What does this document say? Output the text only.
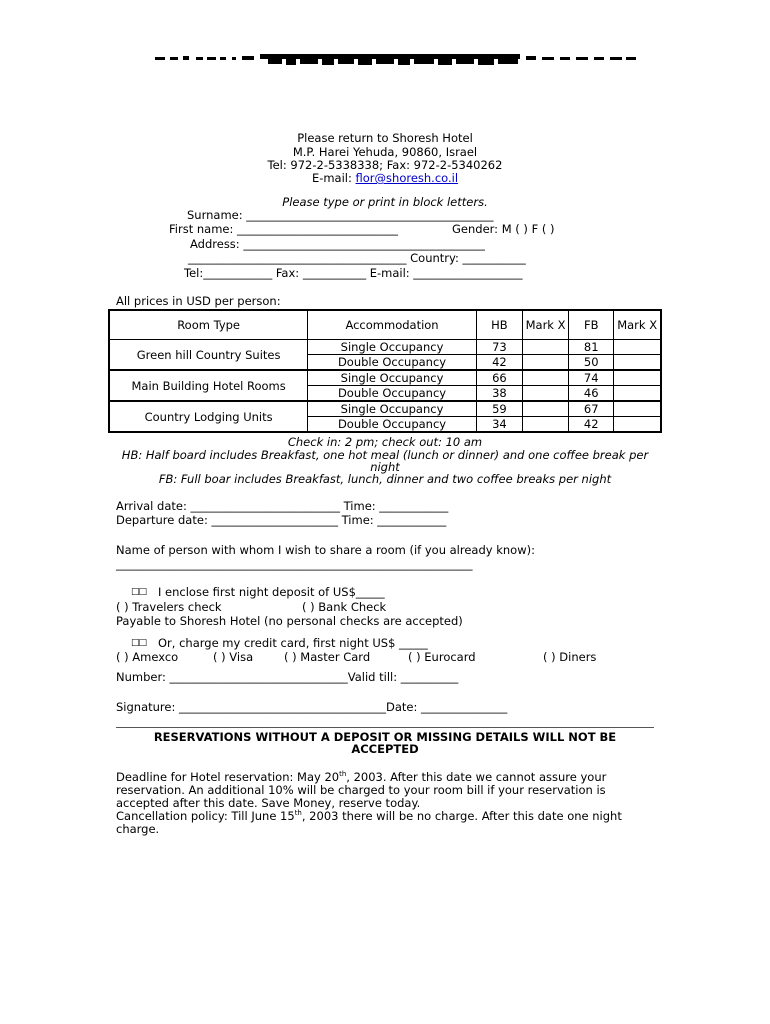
Please return to Shoresh Hotel
M.P. Harei Yehuda, 90860, Israel
Tel: 972-2-5338338; Fax: 972-2-5340262
E-mail: flor@shoresh.co.il
Please type or print in block letters.
Surname: ___________________________________________
First name: ____________________________	Gender: M ( ) F ( )
Address: __________________________________________
______________________________________ Country: ___________
Tel:____________ Fax: ___________ E-mail: ___________________
All prices in USD per person:
Room Type	Accommodation	HB	Mark X	FB	Mark X
Green hill Country Suites	Single Occupancy	73		81	
	Double Occupancy	42		50	
Main Building Hotel Rooms	Single Occupancy	66		74	
	Double Occupancy	38		46	
Country Lodging Units	Single Occupancy	59		67	
	Double Occupancy	34		42	
Check in: 2 pm; check out: 10 am
HB: Half board includes Breakfast, one hot meal (lunch or dinner) and one coffee break per
night
FB: Full boar includes Breakfast, lunch, dinner and two coffee breaks per night
Arrival date: __________________________ Time: ____________
Departure date: ______________________ Time: ____________
Name of person with whom I wish to share a room (if you already know):
______________________________________________________________
□□ I enclose first night deposit of US$_____
( ) Travelers check	( ) Bank Check
Payable to Shoresh Hotel (no personal checks are accepted)
□□ Or, charge my credit card, first night US$ _____
( ) Amexco	( ) Visa	( ) Master Card	( ) Eurocard	( ) Diners
Number: _______________________________Valid till: __________
Signature: ____________________________________Date: _______________
RESERVATIONS WITHOUT A DEPOSIT OR MISSING DETAILS WILL NOT BE
ACCEPTED
Deadline for Hotel reservation: May 20th, 2003. After this date we cannot assure your
reservation. An additional 10% will be charged to your room bill if your reservation is
accepted after this date. Save Money, reserve today.
Cancellation policy: Till June 15th, 2003 there will be no charge. After this date one night
charge.
